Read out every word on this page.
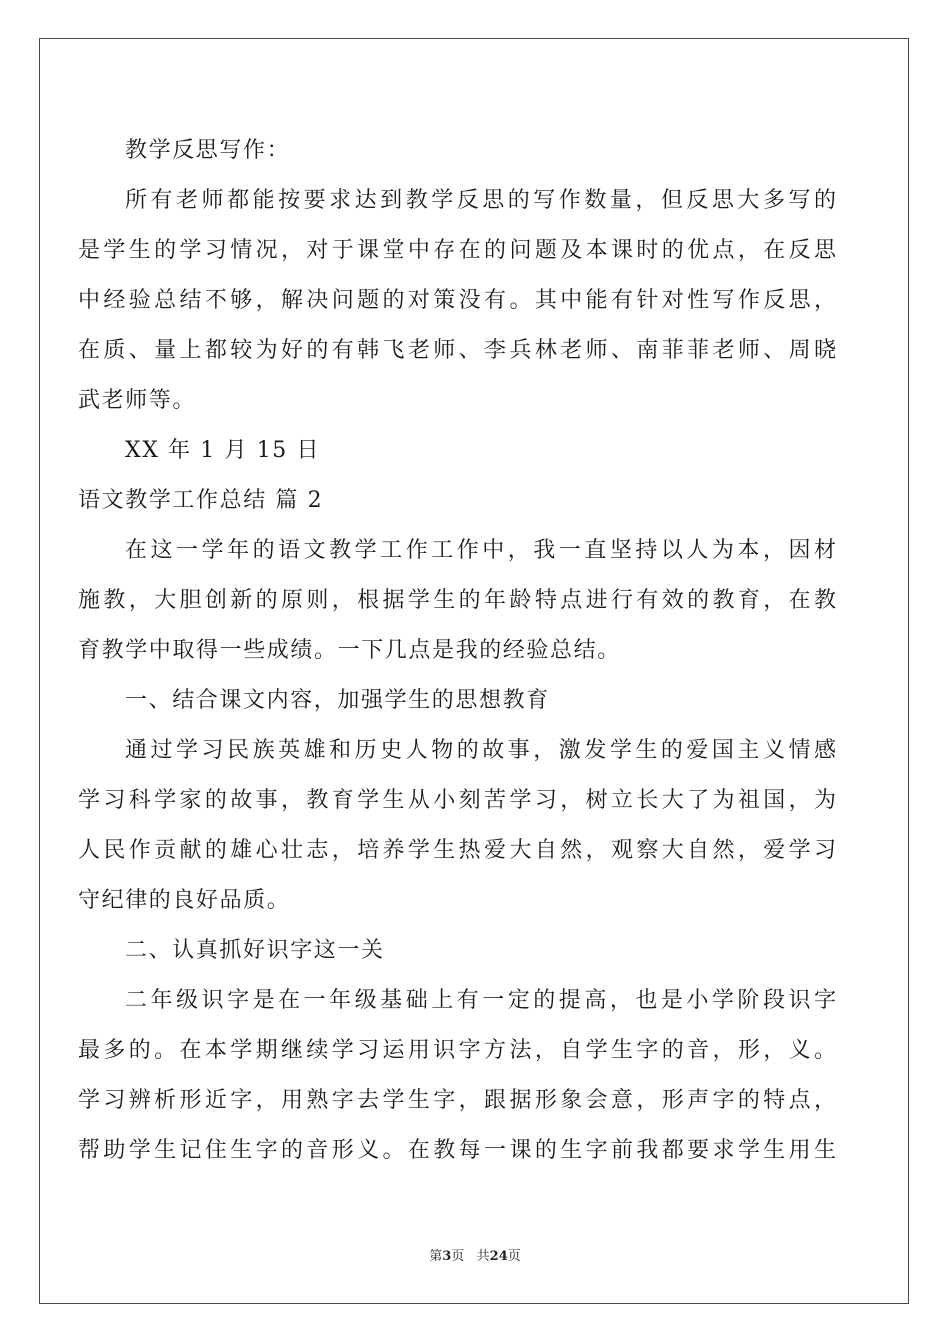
教学反思写作：
所有老师都能按要求达到教学反思的写作数量，但反思大多写的
是学生的学习情况，对于课堂中存在的问题及本课时的优点，在反思
中经验总结不够，解决问题的对策没有。其中能有针对性写作反思，
在质、量上都较为好的有韩飞老师、李兵林老师、南菲菲老师、周晓
武老师等。
XX 年 1 月 15 日
语文教学工作总结 篇 2
在这一学年的语文教学工作工作中，我一直坚持以人为本，因材
施教，大胆创新的原则，根据学生的年龄特点进行有效的教育，在教
育教学中取得一些成绩。一下几点是我的经验总结。
一、结合课文内容，加强学生的思想教育
通过学习民族英雄和历史人物的故事，激发学生的爱国主义情感
学习科学家的故事，教育学生从小刻苦学习，树立长大了为祖国，为
人民作贡献的雄心壮志，培养学生热爱大自然，观察大自然，爱学习
守纪律的良好品质。
二、认真抓好识字这一关
二年级识字是在一年级基础上有一定的提高，也是小学阶段识字
最多的。在本学期继续学习运用识字方法，自学生字的音，形，义。
学习辨析形近字，用熟字去学生字，跟据形象会意，形声字的特点，
帮助学生记住生字的音形义。在教每一课的生字前我都要求学生用生
第3页   共24页
